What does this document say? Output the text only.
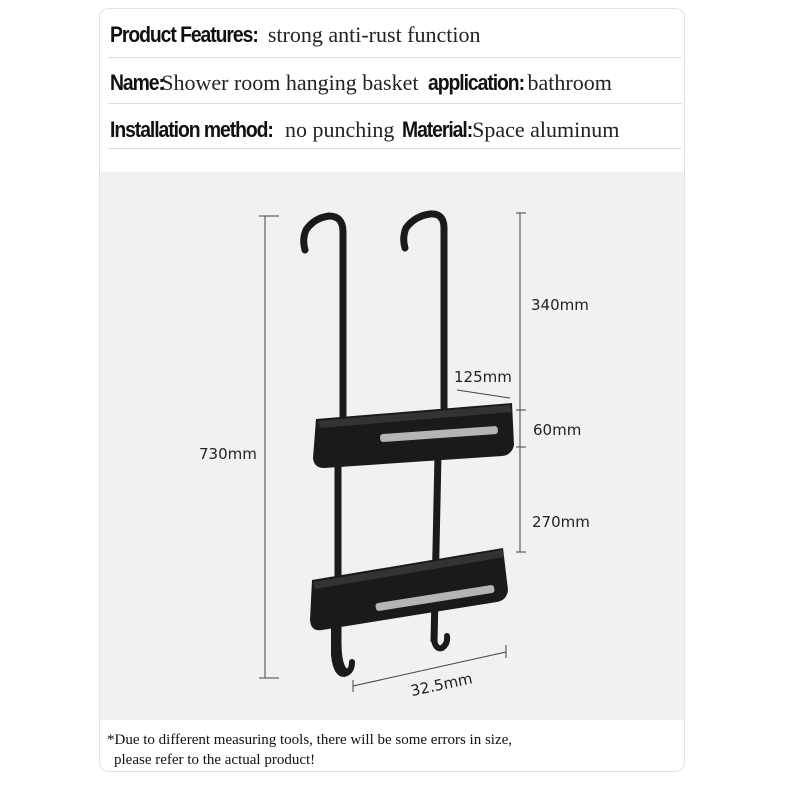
Product Features: strong anti-rust function
Name:
Shower room hanging basket application: bathroom
Installation method: no punching Material: Space aluminum
730mm
340mm
125mm
60mm
270mm
32.5mm
*Due to different measuring tools, there will be some errors in size,
please refer to the actual product!
